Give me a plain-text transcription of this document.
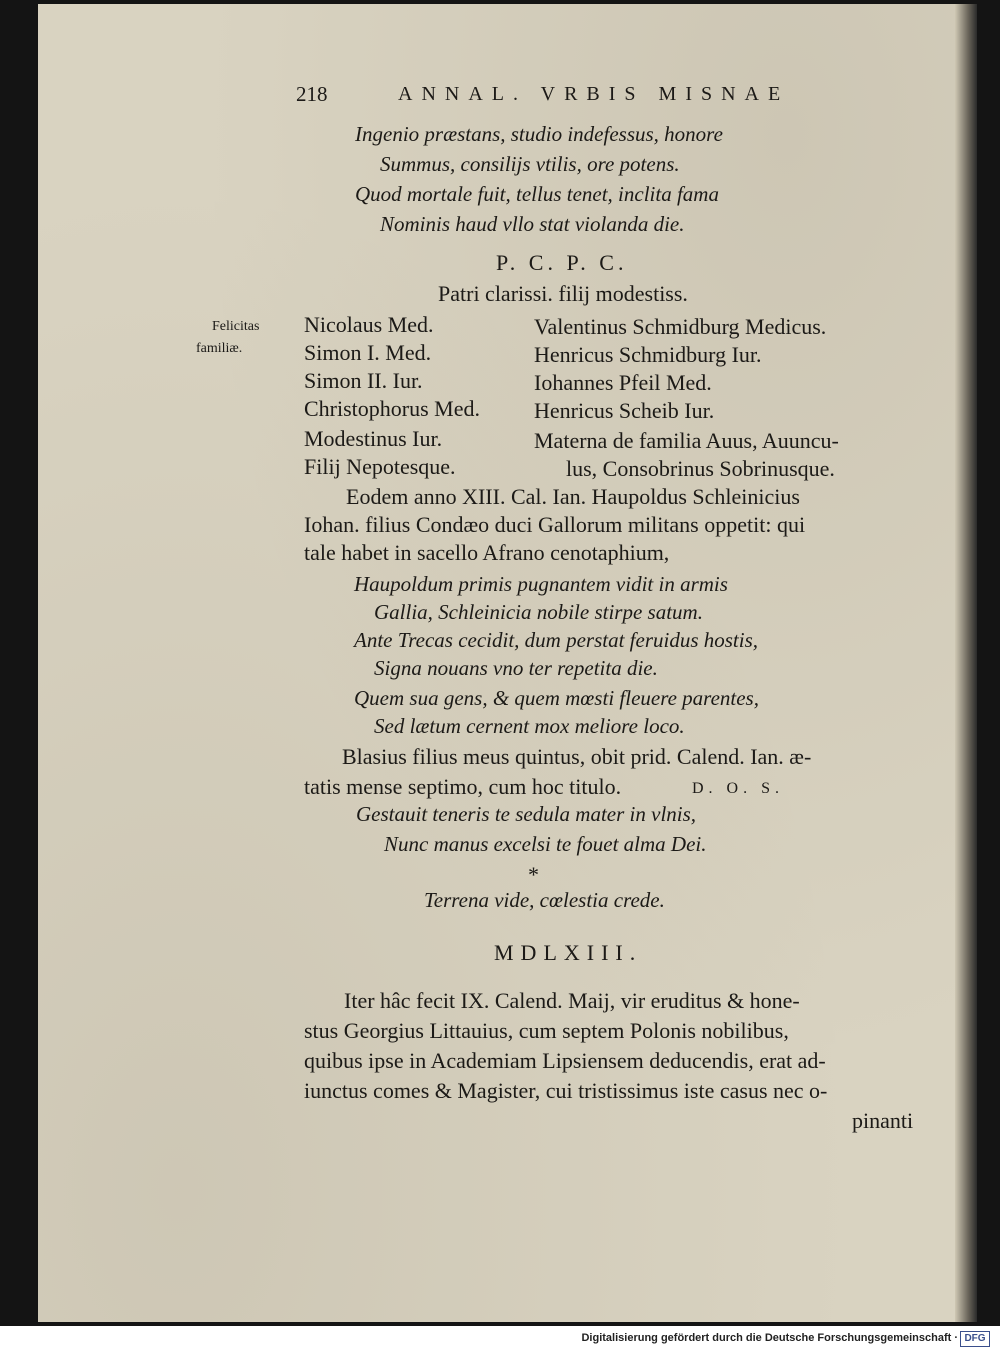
218	ANNAL. VRBIS MISNAE
Ingenio præstans, studio indefessus, honore
Summus, consilijs vtilis, ore potens.
Quod mortale fuit, tellus tenet, inclita fama
Nominis haud vllo stat violanda die.
P. C. P. C.
Patri clarissi. filij modestiss.
Felicitas
familiæ.
Nicolaus Med.
Simon I. Med.
Simon II. Iur.
Christophorus Med.
Modestinus Iur.
Filij Nepotesque.
Valentinus Schmidburg Medicus.
Henricus Schmidburg Iur.
Iohannes Pfeil Med.
Henricus Scheib Iur.
Materna de familia Auus, Auuncu-
lus, Consobrinus Sobrinusque.
Eodem anno XIII. Cal. Ian. Haupoldus Schleinicius
Iohan. filius Condæo duci Gallorum militans oppetit: qui
tale habet in sacello Afrano cenotaphium,
Haupoldum primis pugnantem vidit in armis
Gallia, Schleinicia nobile stirpe satum.
Ante Trecas cecidit, dum perstat feruidus hostis,
Signa nouans vno ter repetita die.
Quem sua gens, & quem mœsti fleuere parentes,
Sed lætum cernent mox meliore loco.
Blasius filius meus quintus, obit prid. Calend. Ian. æ-
tatis mense septimo, cum hoc titulo.	D. O. S.
Gestauit teneris te sedula mater in vlnis,
Nunc manus excelsi te fouet alma Dei.
*
Terrena vide, cœlestia crede.
MDLXIII.
Iter hâc fecit IX. Calend. Maij, vir eruditus & hone-
stus Georgius Littauius, cum septem Polonis nobilibus,
quibus ipse in Academiam Lipsiensem deducendis, erat ad-
iunctus comes & Magister, cui tristissimus iste casus nec o-
pinanti
Digitalisierung gefördert durch die Deutsche Forschungsgemeinschaft · DFG
